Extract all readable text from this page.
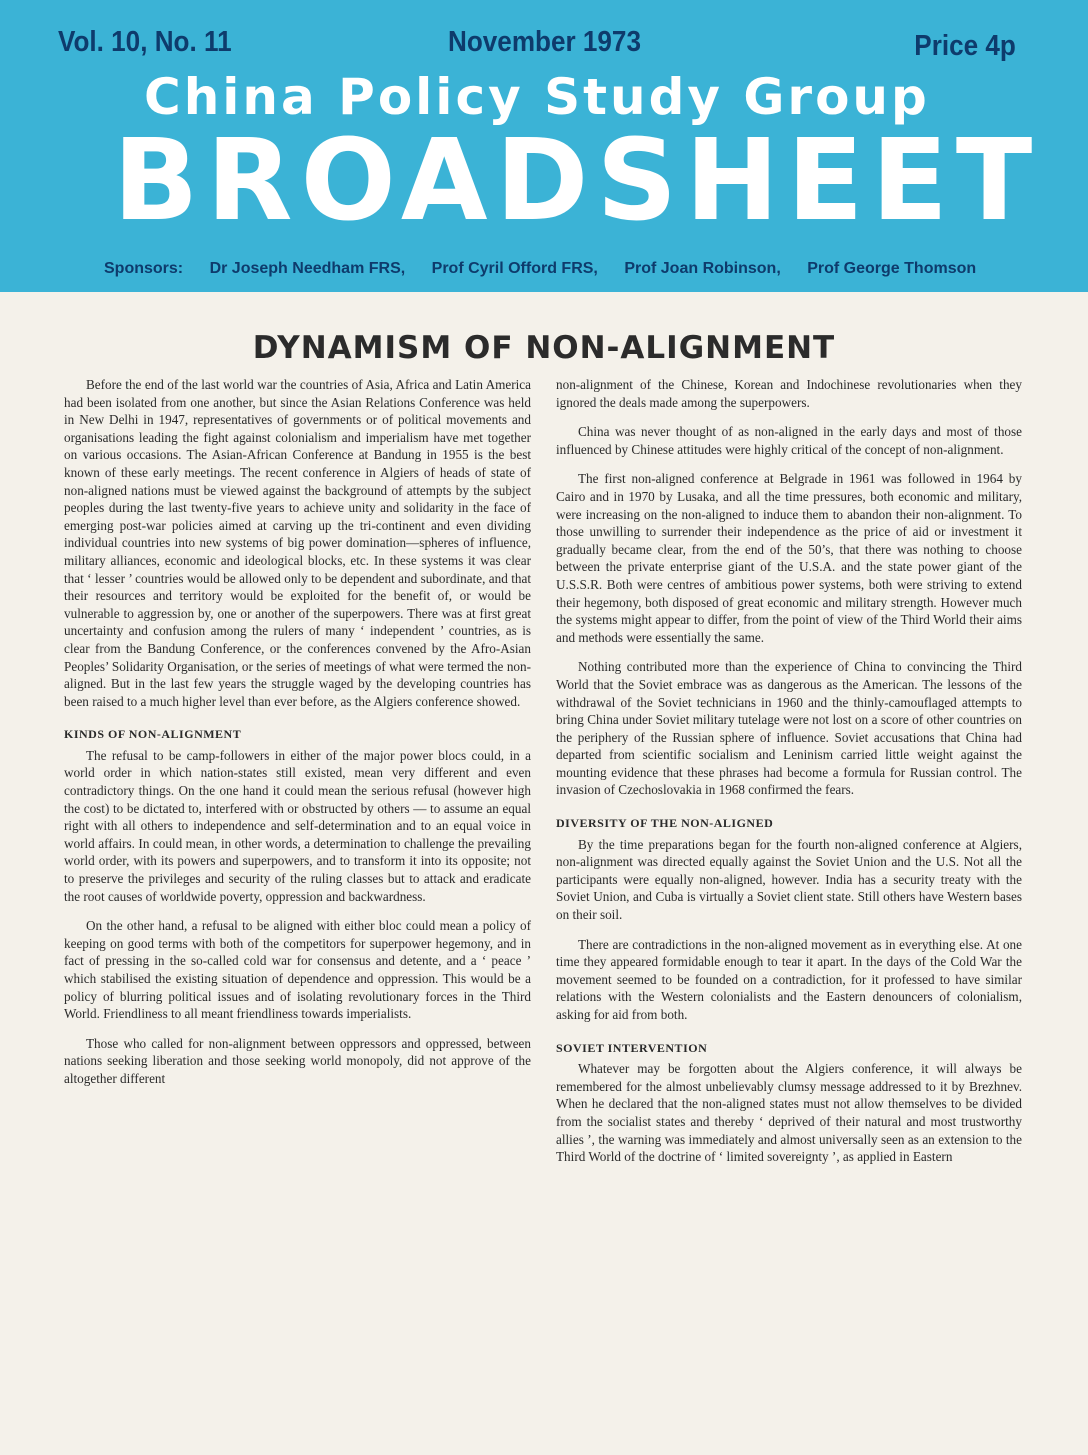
Vol. 10, No. 11	November 1973	Price 4p
China Policy Study Group
BROADSHEET
Sponsors: Dr Joseph Needham FRS, Prof Cyril Offord FRS, Prof Joan Robinson, Prof George Thomson
DYNAMISM OF NON-ALIGNMENT

Before the end of the last world war the countries of Asia, Africa and Latin America had been isolated from one another, but since the Asian Relations Conference was held in New Delhi in 1947, representatives of governments or of political movements and organisations leading the fight against colonialism and imperialism have met together on various occasions. The Asian-African Conference at Bandung in 1955 is the best known of these early meetings. The recent conference in Algiers of heads of state of non-aligned nations must be viewed against the background of attempts by the subject peoples during the last twenty-five years to achieve unity and solidarity in the face of emerging post-war policies aimed at carving up the tri-continent and even dividing individual countries into new systems of big power domination—spheres of influence, military alliances, economic and ideological blocks, etc. In these systems it was clear that ‘ lesser ’ countries would be allowed only to be dependent and subordinate, and that their resources and territory would be exploited for the benefit of, or would be vulnerable to aggression by, one or another of the superpowers. There was at first great uncertainty and confusion among the rulers of many ‘ independent ’ countries, as is clear from the Bandung Conference, or the conferences convened by the Afro-Asian Peoples’ Solidarity Organisation, or the series of meetings of what were termed the non-aligned. But in the last few years the struggle waged by the developing countries has been raised to a much higher level than ever before, as the Algiers conference showed.

KINDS OF NON-ALIGNMENT

The refusal to be camp-followers in either of the major power blocs could, in a world order in which nation-states still existed, mean very different and even contradictory things. On the one hand it could mean the serious refusal (however high the cost) to be dictated to, interfered with or obstructed by others — to assume an equal right with all others to independence and self-determination and to an equal voice in world affairs. In could mean, in other words, a determination to challenge the prevailing world order, with its powers and superpowers, and to transform it into its opposite; not to preserve the privileges and security of the ruling classes but to attack and eradicate the root causes of worldwide poverty, oppression and backwardness.

On the other hand, a refusal to be aligned with either bloc could mean a policy of keeping on good terms with both of the competitors for superpower hegemony, and in fact of pressing in the so-called cold war for consensus and detente, and a ‘ peace ’ which stabilised the existing situation of dependence and oppression. This would be a policy of blurring political issues and of isolating revolutionary forces in the Third World. Friendliness to all meant friendliness towards imperialists.

Those who called for non-alignment between oppressors and oppressed, between nations seeking liberation and those seeking world monopoly, did not approve of the altogether different

non-alignment of the Chinese, Korean and Indochinese revolutionaries when they ignored the deals made among the superpowers.

China was never thought of as non-aligned in the early days and most of those influenced by Chinese attitudes were highly critical of the concept of non-alignment.

The first non-aligned conference at Belgrade in 1961 was followed in 1964 by Cairo and in 1970 by Lusaka, and all the time pressures, both economic and military, were increasing on the non-aligned to induce them to abandon their non-alignment. To those unwilling to surrender their independence as the price of aid or investment it gradually became clear, from the end of the 50’s, that there was nothing to choose between the private enterprise giant of the U.S.A. and the state power giant of the U.S.S.R. Both were centres of ambitious power systems, both were striving to extend their hegemony, both disposed of great economic and military strength. However much the systems might appear to differ, from the point of view of the Third World their aims and methods were essentially the same.

Nothing contributed more than the experience of China to convincing the Third World that the Soviet embrace was as dangerous as the American. The lessons of the withdrawal of the Soviet technicians in 1960 and the thinly-camouflaged attempts to bring China under Soviet military tutelage were not lost on a score of other countries on the periphery of the Russian sphere of influence. Soviet accusations that China had departed from scientific socialism and Leninism carried little weight against the mounting evidence that these phrases had become a formula for Russian control. The invasion of Czechoslovakia in 1968 confirmed the fears.

DIVERSITY OF THE NON-ALIGNED

By the time preparations began for the fourth non-aligned conference at Algiers, non-alignment was directed equally against the Soviet Union and the U.S. Not all the participants were equally non-aligned, however. India has a security treaty with the Soviet Union, and Cuba is virtually a Soviet client state. Still others have Western bases on their soil.

There are contradictions in the non-aligned movement as in everything else. At one time they appeared formidable enough to tear it apart. In the days of the Cold War the movement seemed to be founded on a contradiction, for it professed to have similar relations with the Western colonialists and the Eastern denouncers of colonialism, asking for aid from both.

SOVIET INTERVENTION

Whatever may be forgotten about the Algiers conference, it will always be remembered for the almost unbelievably clumsy message addressed to it by Brezhnev. When he declared that the non-aligned states must not allow themselves to be divided from the socialist states and thereby ‘ deprived of their natural and most trustworthy allies ’, the warning was immediately and almost universally seen as an extension to the Third World of the doctrine of ‘ limited sovereignty ’, as applied in Eastern
